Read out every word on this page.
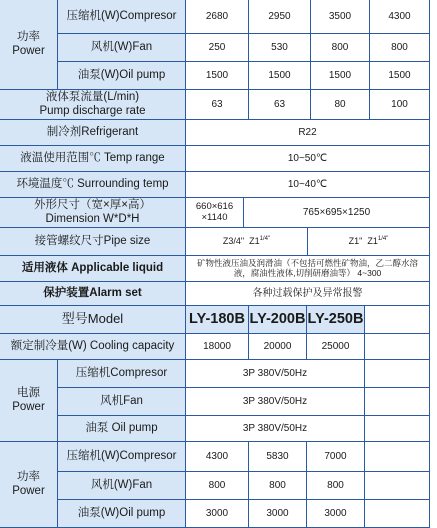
功率
Power
压缩机(W)Compresor	2680	2950	3500	4300
风机(W)Fan	250	530	800	800
油泵(W)Oil pump	1500	1500	1500	1500
液体泵流量(L/min)
Pump discharge rate
63	63	80	100
制冷剂Refrigerant	R22
液温使用范围℃ Temp range	10~50℃
环境温度℃ Surrounding temp	10~40℃
外形尺寸（宽×厚×高）
Dimension W*D*H
660×616
×1140	765×695×1250
接管螺纹尺寸Pipe size	Z3/4"
$Z1^{1/4"}$	Z1"
$Z1^{1/4"}$
适用液体 Applicable liquid	矿物性液压油及润滑油（不包括可燃性矿物油，乙二醇水溶液，腐油性液体,切削研磨油等） 4~300
保护装置Alarm set	各种过载保护及异常报警
型号Model	LY-180B LY-200B LY-250B
额定制冷量(W) Cooling capacity	18000	20000	25000
电源
Power
压缩机Compresor	3P 380V/50Hz
风机Fan	3P 380V/50Hz
油泵 Oil pump	3P 380V/50Hz
功率
Power
压缩机(W)Compresor	4300	5830	7000
风机(W)Fan	800	800	800
油泵(W)Oil pump	3000	3000	3000
